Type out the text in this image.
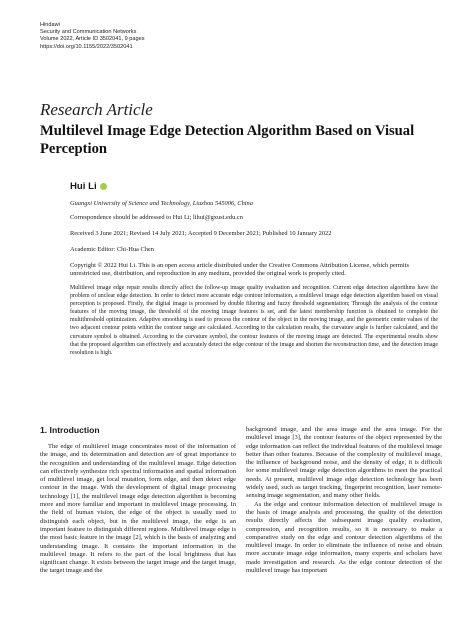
Hindawi
Security and Communication Networks
Volume 2022, Article ID 3502041, 9 pages
https://doi.org/10.1155/2022/3502041
Research Article
Multilevel Image Edge Detection Algorithm Based on Visual Perception
Hui Li
Guangxi University of Science and Technology, Liuzhou 545006, China
Correspondence should be addressed to Hui Li; lihui@gxust.edu.cn
Received 3 June 2021; Revised 14 July 2021; Accepted 9 December 2021; Published 10 January 2022
Academic Editor: Chi-Hua Chen
Copyright © 2022 Hui Li. This is an open access article distributed under the Creative Commons Attribution License, which permits unrestricted use, distribution, and reproduction in any medium, provided the original work is properly cited.
Multilevel image edge repair results directly affect the follow-up image quality evaluation and recognition. Current edge detection algorithms have the problem of unclear edge detection. In order to detect more accurate edge contour information, a multilevel image edge detection algorithm based on visual perception is proposed. Firstly, the digital image is processed by double filtering and fuzzy threshold segmentation; Through the analysis of the contour features of the moving image, the threshold of the moving image features is set, and the latest membership function is obtained to complete the multithreshold optimization. Adaptive smoothing is used to process the contour of the object in the moving image, and the geometric center values of the two adjacent contour points within the contour range are calculated. According to the calculation results, the curvature angle is further calculated, and the curvature symbol is obtained. According to the curvature symbol, the contour features of the moving image are detected. The experimental results show that the proposed algorithm can effectively and accurately detect the edge contour of the image and shorten the reconstruction time, and the detection image resolution is high.
1. Introduction

The edge of multilevel image concentrates most of the information of the image, and its determination and detection are of great importance to the recognition and understanding of the multilevel image. Edge detection can effectively synthesize rich spectral information and spatial information of multilevel image, get local mutation, form edge, and then detect edge contour in the image. With the development of digital image processing technology [1], the multilevel image edge detection algorithm is becoming more and more familiar and important in multilevel image processing. In the field of human vision, the edge of the object is usually used to distinguish each object, but in the multilevel image, the edge is an important feature to distinguish different regions. Multilevel image edge is the most basic feature in the image [2], which is the basis of analyzing and understanding image. It contains the important information in the multilevel image. It refers to the part of the local brightness that has significant change. It exists between the target image and the target image, the target image and the

background image, and the area image and the area image. For the multilevel image [3], the contour features of the object represented by the edge information can reflect the individual features of the multilevel image better than other features. Because of the complexity of multilevel image, the influence of background noise, and the density of edge, it is difficult for some multilevel image edge detection algorithms to meet the practical needs. At present, multilevel image edge detection technology has been widely used, such as target tracking, fingerprint recognition, laser remote-sensing image segmentation, and many other fields.

As the edge and contour information detection of multilevel image is the basis of image analysis and processing, the quality of the detection results directly affects the subsequent image quality evaluation, compression, and recognition results, so it is necessary to make a comparative study on the edge and contour detection algorithms of the multilevel image. In order to eliminate the influence of noise and obtain more accurate image edge information, many experts and scholars have made investigation and research. As the edge contour detection of the multilevel image has important
